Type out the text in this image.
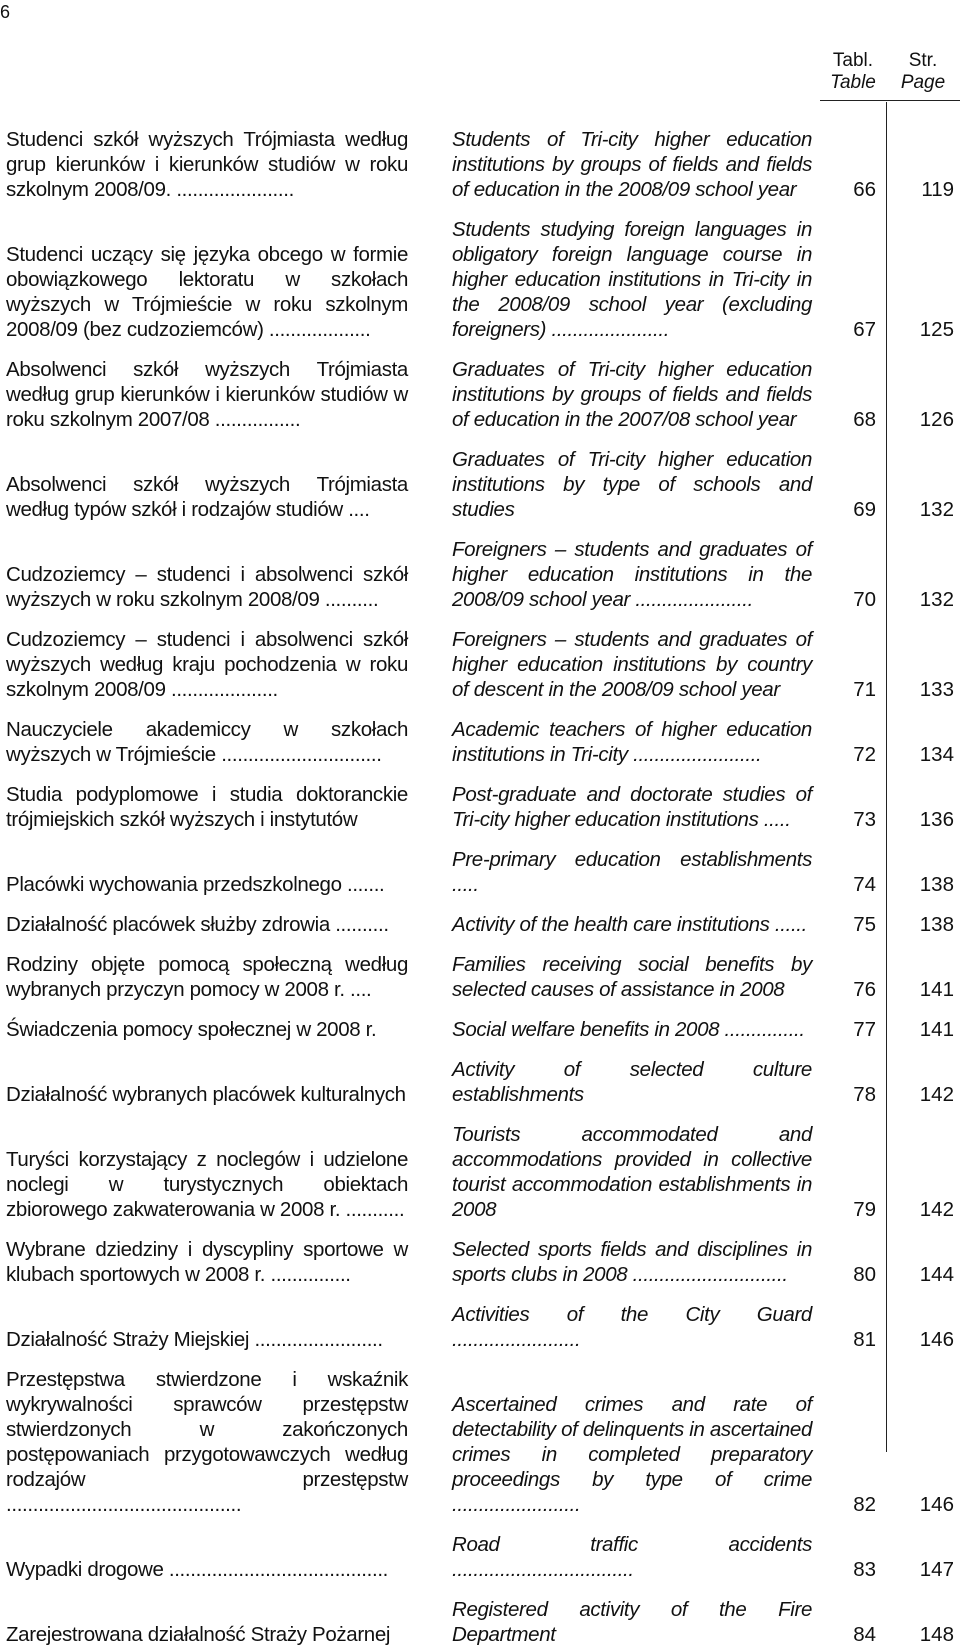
6
Tabl.
Table
Str.
Page
Studenci szkół wyższych Trójmiasta według grup kierunków i kierunków studiów w roku szkolnym 2008/09. ......................
Students of Tri-city higher education institutions by groups of fields and fields of education in the 2008/09 school year	66	119
Studenci uczący się języka obcego w formie obowiązkowego lektoratu w szkołach wyższych w Trójmieście w roku szkolnym 2008/09 (bez cudzoziemców) ...................
Students studying foreign languages in obligatory foreign language course in higher education institutions in Tri-city in the 2008/09 school year (excluding foreigners) ......................	67	125
Absolwenci szkół wyższych Trójmiasta według grup kierunków i kierunków studiów w roku szkolnym 2007/08 ................
Graduates of Tri-city higher education institutions by groups of fields and fields of education in the 2007/08 school year	68	126
Absolwenci szkół wyższych Trójmiasta według typów szkół i rodzajów studiów ....
Graduates of Tri-city higher education institutions by type of schools and studies	69	132
Cudzoziemcy – studenci i absolwenci szkół wyższych w roku szkolnym 2008/09 ..........
Foreigners – students and graduates of higher education institutions in the 2008/09 school year ......................	70	132
Cudzoziemcy – studenci i absolwenci szkół wyższych według kraju pochodzenia w roku szkolnym 2008/09 ....................
Foreigners – students and graduates of higher education institutions by country of descent in the 2008/09 school year	71	133
Nauczyciele akademiccy w szkołach wyższych w Trójmieście ..............................
Academic teachers of higher education institutions in Tri-city ........................	72	134
Studia podyplomowe i studia doktoranckie trójmiejskich szkół wyższych i instytutów
Post-graduate and doctorate studies of Tri-city higher education institutions .....	73	136
Placówki wychowania przedszkolnego .......
Pre-primary education establishments .....	74	138
Działalność placówek służby zdrowia ..........	Activity of the health care institutions ......	75	138
Rodziny objęte pomocą społeczną według wybranych przyczyn pomocy w 2008 r. ....
Families receiving social benefits by selected causes of assistance in 2008	76	141
Świadczenia pomocy społecznej w 2008 r.	Social welfare benefits in 2008 ...............	77	141
Działalność wybranych placówek kulturalnych
Activity of selected culture establishments	78	142
Turyści korzystający z noclegów i udzielone noclegi w turystycznych obiektach zbiorowego zakwaterowania w 2008 r. ...........
Tourists accommodated and accommodations provided in collective tourist accommodation establishments in 2008	79	142
Wybrane dziedziny i dyscypliny sportowe w klubach sportowych w 2008 r. ...............
Selected sports fields and disciplines in sports clubs in 2008 .............................	80	144
Działalność Straży Miejskiej ........................
Activities of the City Guard ........................	81	146
Przestępstwa stwierdzone i wskaźnik wykrywalności sprawców przestępstw stwierdzonych w zakończonych postępowaniach przygotowawczych według rodzajów przestępstw ............................................
Ascertained crimes and rate of detectability of delinquents in ascertained crimes in completed preparatory proceedings by type of crime ........................	82	146
Wypadki drogowe .........................................
Road traffic accidents ..................................	83	147
Zarejestrowana działalność Straży Pożarnej
Registered activity of the Fire Department	84	148
